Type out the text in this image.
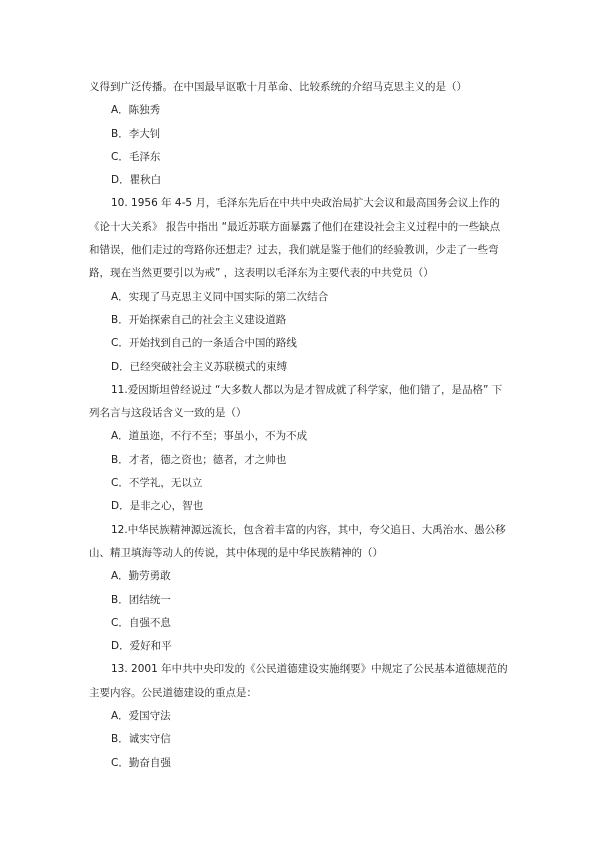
义得到广泛传播。在中国最早讴歌十月革命、比较系统的介绍马克思主义的是（）
A．陈独秀
B．李大钊
C．毛泽东
D．瞿秋白
10. 1956 年 4-5 月，毛泽东先后在中共中央政治局扩大会议和最高国务会议上作的
《论十大关系》 报告中指出 “最近苏联方面暴露了他们在建设社会主义过程中的一些缺点
和错误，他们走过的弯路你还想走？过去，我们就是鉴于他们的经验教训，少走了一些弯
路，现在当然更要引以为戒” ，这表明以毛泽东为主要代表的中共党员（）
A．实现了马克思主义同中国实际的第二次结合
B．开始探索自己的社会主义建设道路
C．开始找到自己的一条适合中国的路线
D．已经突破社会主义苏联模式的束缚
11.爱因斯坦曾经说过 “大多数人都以为是才智成就了科学家，他们错了，是品格” 下
列名言与这段话含义一致的是（）
A．道虽迩，不行不至；事虽小，不为不成
B．才者，德之资也；德者，才之帅也
C．不学礼，无以立
D．是非之心，智也
12.中华民族精神源远流长，包含着丰富的内容，其中，夸父追日、大禹治水、愚公移
山、精卫填海等动人的传说，其中体现的是中华民族精神的（）
A．勤劳勇敢
B．团结统一
C．自强不息
D．爱好和平
13. 2001 年中共中央印发的《公民道德建设实施纲要》中规定了公民基本道德规范的
主要内容。公民道德建设的重点是：
A．爱国守法
B．诚实守信
C．勤奋自强
